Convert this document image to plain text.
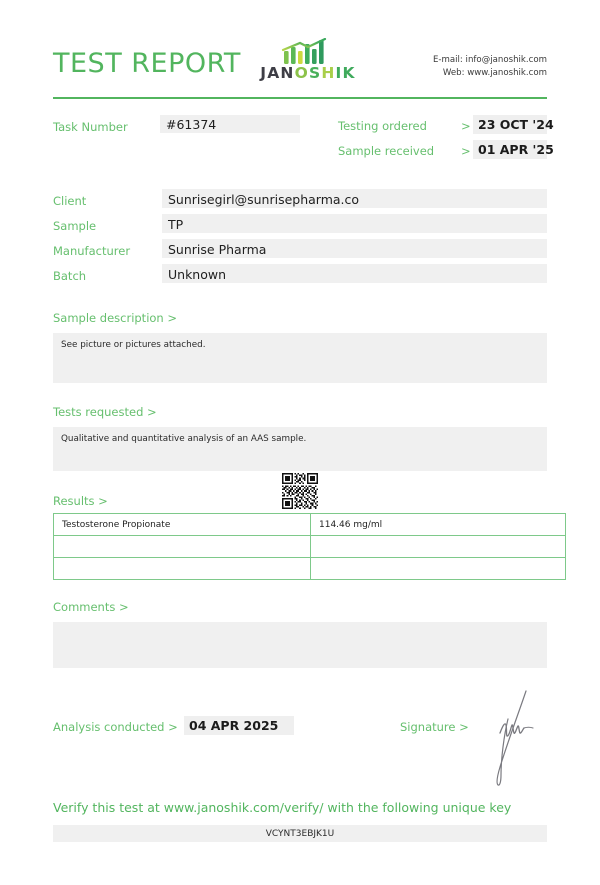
TEST REPORT JANOSHIK
E-mail: info@janoshik.com
Web: www.janoshik.com
Task Number	#61374	Testing ordered	> 23 OCT '24
Sample received > 01 APR '25
Client	Sunrisegirl@sunrisepharma.co
Sample	TP
Manufacturer	Sunrise Pharma
Batch	Unknown
Sample description >
See picture or pictures attached.
Tests requested >
Qualitative and quantitative analysis of an AAS sample.
Results >
Testosterone Propionate	114.46 mg/ml

Comments >
Analysis conducted > 04 APR 2025	Signature >
Verify this test at www.janoshik.com/verify/ with the following unique key
VCYNT3EBJK1U
